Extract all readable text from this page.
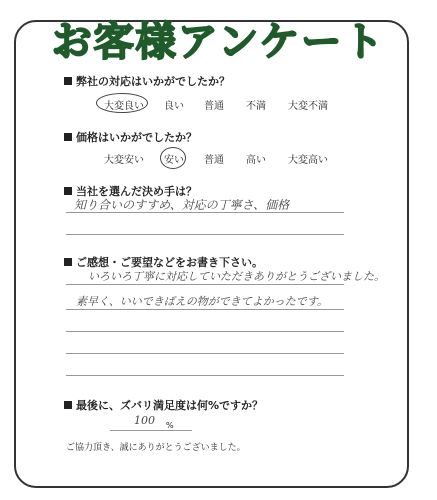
お客様アンケート
弊社の対応はいかがでしたか？
大変良い 良い 普通 不満 大変不満
価格はいかがでしたか？
大変安い 安い 普通 高い 大変高い
当社を選んだ決め手は？
知り合いのすすめ、対応の丁寧さ、価格
ご感想・ご要望などをお書き下さい。
いろいろ丁寧に対応していただきありがとうございました。
素早く、いいできばえの物ができてよかったです。
最後に、ズバリ満足度は何%ですか？
100 %
ご協力頂き、誠にありがとうございました。
